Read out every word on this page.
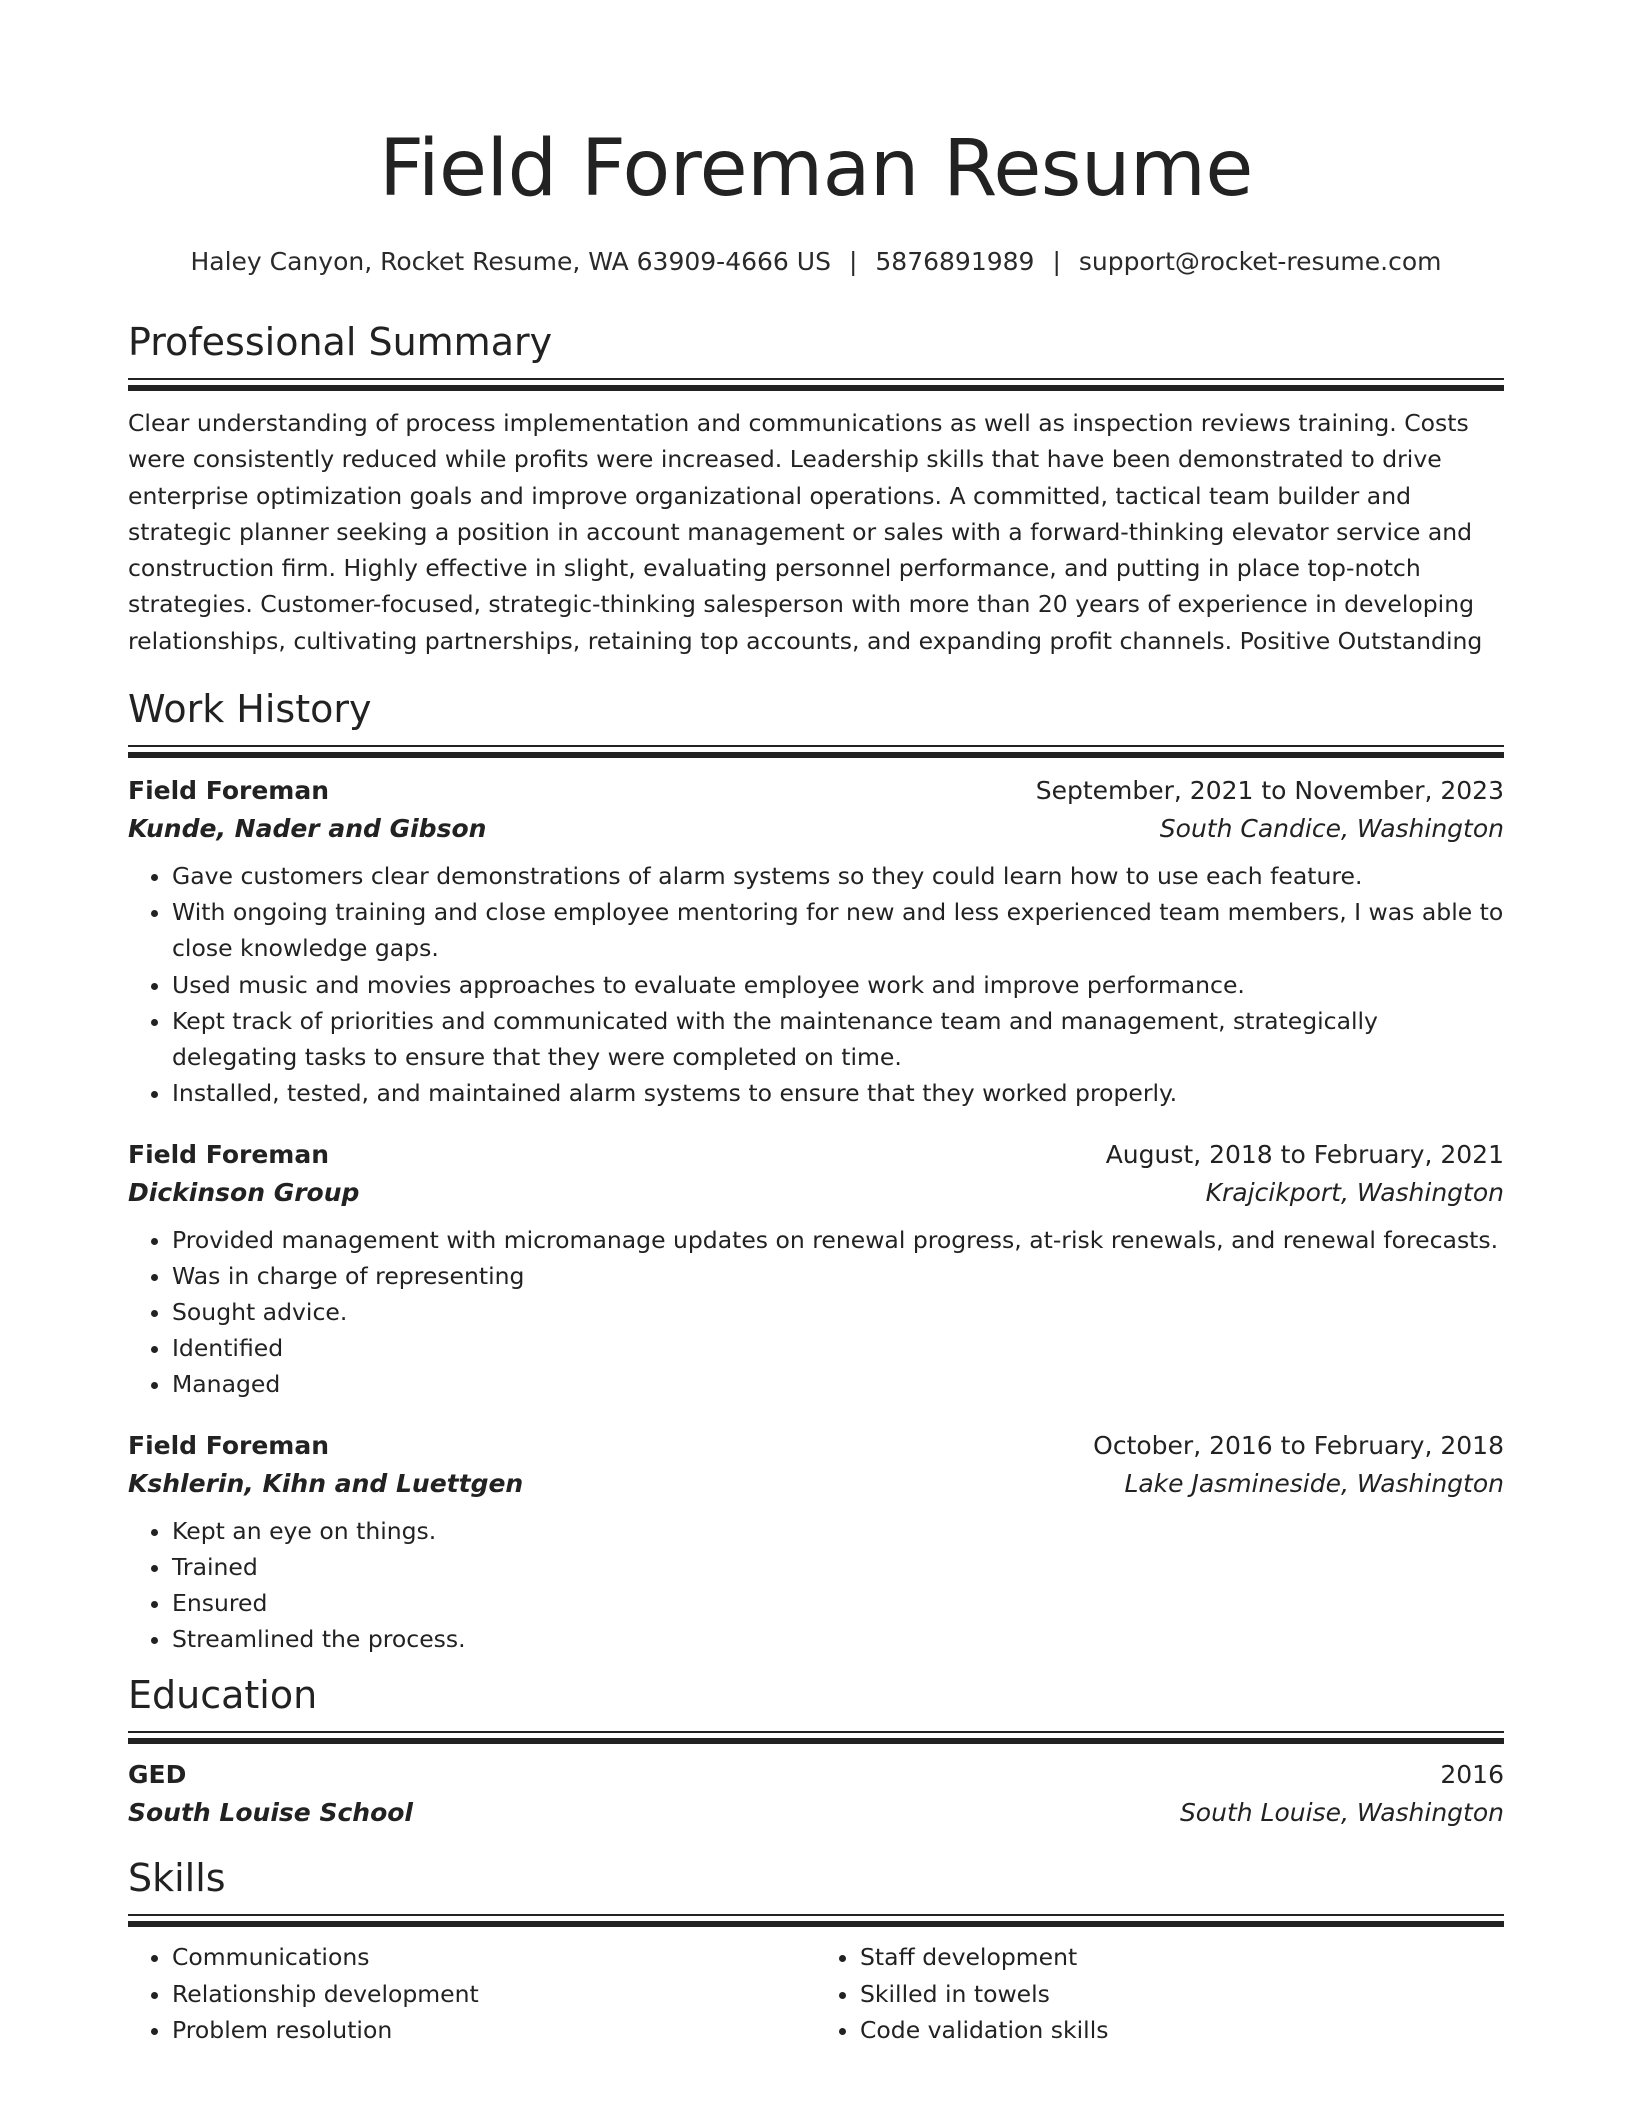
Field Foreman Resume
Haley Canyon, Rocket Resume, WA 63909-4666 US | 5876891989 | support@rocket-resume.com
Professional Summary

Clear understanding of process implementation and communications as well as inspection reviews training. Costs were consistently reduced while profits were increased. Leadership skills that have been demonstrated to drive enterprise optimization goals and improve organizational operations. A committed, tactical team builder and strategic planner seeking a position in account management or sales with a forward-thinking elevator service and construction firm. Highly effective in slight, evaluating personnel performance, and putting in place top-notch strategies. Customer-focused, strategic-thinking salesperson with more than 20 years of experience in developing relationships, cultivating partnerships, retaining top accounts, and expanding profit channels. Positive Outstanding

Work History
Field Foreman	September, 2021 to November, 2023
Kunde, Nader and Gibson	South Candice, Washington
• Gave customers clear demonstrations of alarm systems so they could learn how to use each feature.
• With ongoing training and close employee mentoring for new and less experienced team members, I was able to close knowledge gaps.
• Used music and movies approaches to evaluate employee work and improve performance.
• Kept track of priorities and communicated with the maintenance team and management, strategically delegating tasks to ensure that they were completed on time.
• Installed, tested, and maintained alarm systems to ensure that they worked properly.
Field Foreman	August, 2018 to February, 2021
Dickinson Group	Krajcikport, Washington
• Provided management with micromanage updates on renewal progress, at-risk renewals, and renewal forecasts.
• Was in charge of representing
• Sought advice.
• Identified
• Managed
Field Foreman	October, 2016 to February, 2018
Kshlerin, Kihn and Luettgen	Lake Jasmineside, Washington
• Kept an eye on things.
• Trained
• Ensured
• Streamlined the process.
Education
GED	2016
South Louise School	South Louise, Washington
Skills
• Communications
• Relationship development
• Problem resolution
• Staff development
• Skilled in towels
• Code validation skills
